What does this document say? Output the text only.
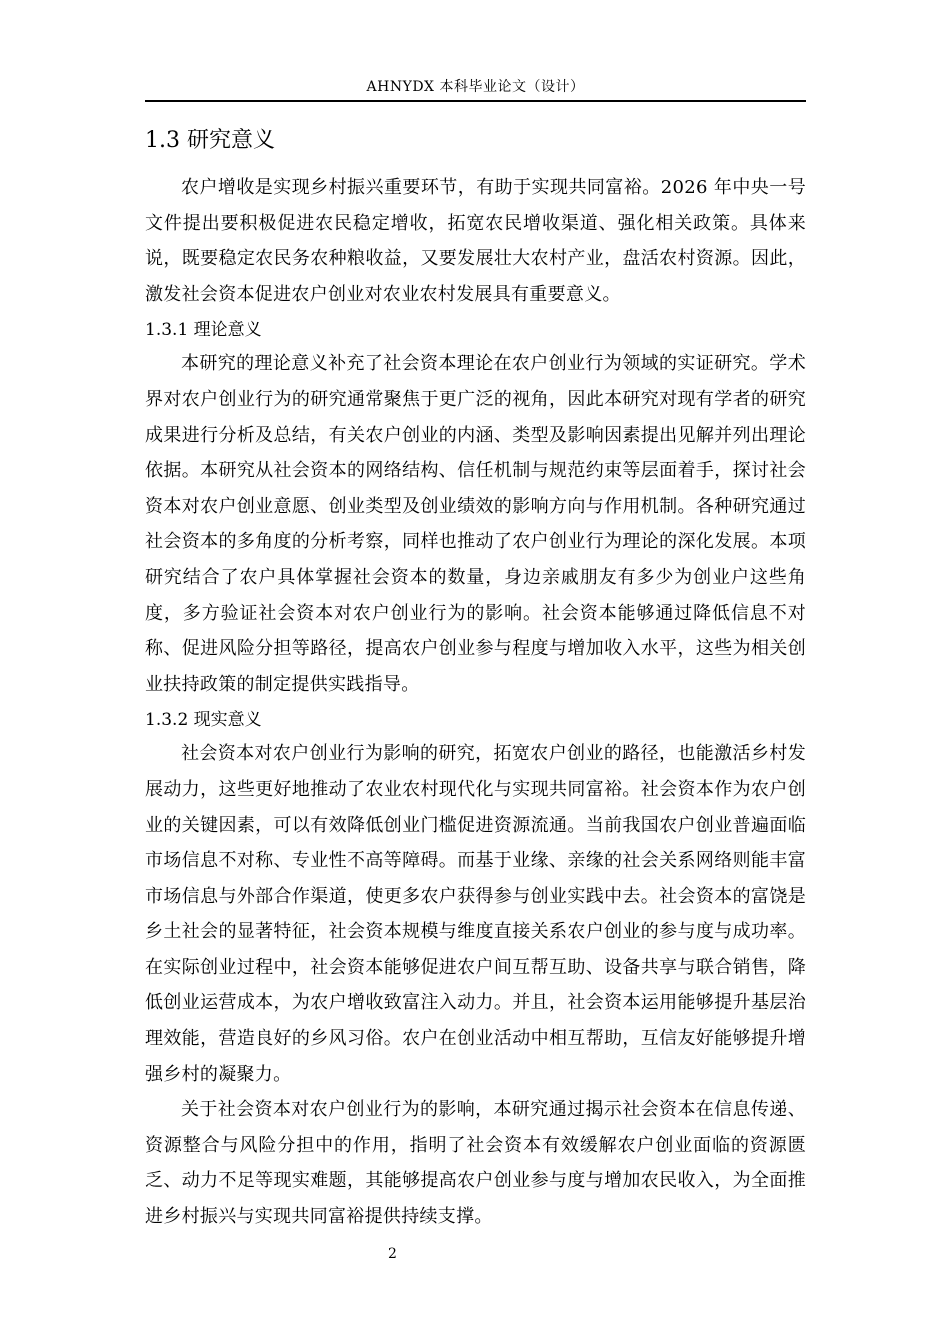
AHNYDX 本科毕业论文（设计）
1.3 研究意义

农户增收是实现乡村振兴重要环节，有助于实现共同富裕。2026 年中央一号文件提出要积极促进农民稳定增收，拓宽农民增收渠道、强化相关政策。具体来说，既要稳定农民务农种粮收益，又要发展壮大农村产业，盘活农村资源。因此，激发社会资本促进农户创业对农业农村发展具有重要意义。

1.3.1 理论意义

本研究的理论意义补充了社会资本理论在农户创业行为领域的实证研究。学术界对农户创业行为的研究通常聚焦于更广泛的视角，因此本研究对现有学者的研究成果进行分析及总结，有关农户创业的内涵、类型及影响因素提出见解并列出理论依据。本研究从社会资本的网络结构、信任机制与规范约束等层面着手，探讨社会资本对农户创业意愿、创业类型及创业绩效的影响方向与作用机制。各种研究通过社会资本的多角度的分析考察，同样也推动了农户创业行为理论的深化发展。本项研究结合了农户具体掌握社会资本的数量，身边亲戚朋友有多少为创业户这些角度，多方验证社会资本对农户创业行为的影响。社会资本能够通过降低信息不对称、促进风险分担等路径，提高农户创业参与程度与增加收入水平，这些为相关创业扶持政策的制定提供实践指导。

1.3.2 现实意义

社会资本对农户创业行为影响的研究，拓宽农户创业的路径，也能激活乡村发展动力，这些更好地推动了农业农村现代化与实现共同富裕。社会资本作为农户创业的关键因素，可以有效降低创业门槛促进资源流通。当前我国农户创业普遍面临市场信息不对称、专业性不高等障碍。而基于业缘、亲缘的社会关系网络则能丰富市场信息与外部合作渠道，使更多农户获得参与创业实践中去。社会资本的富饶是乡土社会的显著特征，社会资本规模与维度直接关系农户创业的参与度与成功率。在实际创业过程中，社会资本能够促进农户间互帮互助、设备共享与联合销售，降低创业运营成本，为农户增收致富注入动力。并且，社会资本运用能够提升基层治理效能，营造良好的乡风习俗。农户在创业活动中相互帮助，互信友好能够提升增强乡村的凝聚力。

关于社会资本对农户创业行为的影响，本研究通过揭示社会资本在信息传递、资源整合与风险分担中的作用，指明了社会资本有效缓解农户创业面临的资源匮乏、动力不足等现实难题，其能够提高农户创业参与度与增加农民收入，为全面推进乡村振兴与实现共同富裕提供持续支撑。

2
